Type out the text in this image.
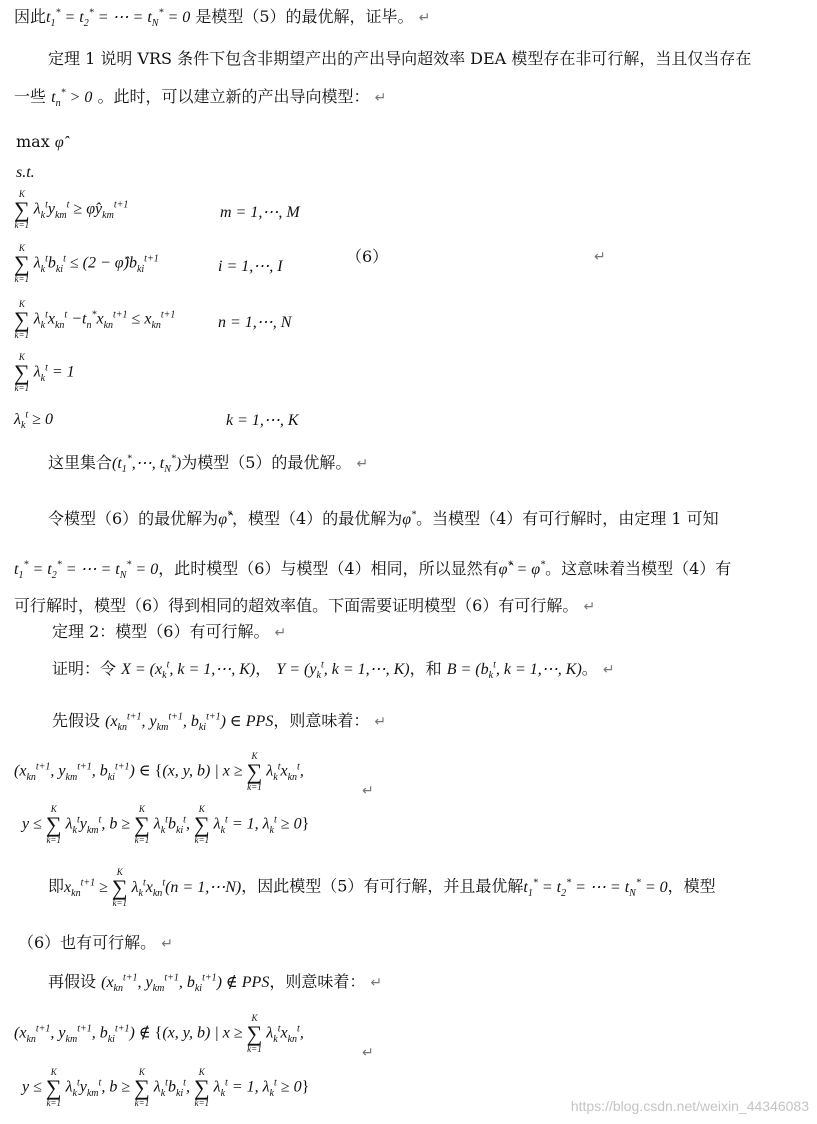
因此$t_1^* = t_2^*$ = ⋯ = $t_N^* = 0$ 是模型（5）的最优解，证毕。 ↵
定理 1 说明 VRS 条件下包含非期望产出的产出导向超效率 DEA 模型存在非可行解，当且仅当存在
一些 $t_n^* > 0$ 。此时，可以建立新的产出导向模型： ↵
max φ̂
s.t.
K
∑
k=1
$\lambda_k^ty_{km}^t$ ≥ $\varphîy_{km}^{t+1}$	m = 1,⋯, M
K
∑
k=1
$\lambda_k^tb_{ki}^t \le (2$ − $\varphî)b_{ki}^{t+1}$	i = 1,⋯, I
（6）	↵
K
∑
k=1
$\lambda_k^tx_{kn}^t -t_n^*x_{kn}^{t+1} \le x_{kn}^{t+1}$	n = 1,⋯, N
K
∑
k=1
$\lambda_k^t = 1$
$\lambda_k^t \ge 0$	k = 1,⋯, K
这里集合($t_1^*,\cdots$, $t_N^*$)为模型（5）的最优解。 ↵
令模型（6）的最优解为φ̂*，模型（4）的最优解为φ*。当模型（4）有可行解时，由定理 1 可知
$t_1^* = t_2^*$ = ⋯ = $t_N^* = 0$，此时模型（6）与模型（4）相同，所以显然有φ̂* = φ*。这意味着当模型（4）有
可行解时，模型（6）得到相同的超效率值。下面需要证明模型（6）有可行解。 ↵
定理 2：模型（6）有可行解。 ↵
证明：令 $X = (x_k^t$, k = 1,⋯, K)， $Y = (y_k^t$, k = 1,⋯, K)，和 $B = (b_k^t$, k = 1,⋯, K)。 ↵
先假设 ($x_{kn}^{t+1}$, $y_{km}^{t+1}$, $b_{ki}^{t+1}$) ∈ PPS，则意味着： ↵
($x_{kn}^{t+1}$, $y_{km}^{t+1}$, $b_{ki}^{t+1}$) ∈ {(x, y, b) | x ≥
K
∑
k=1
$\lambda_k^tx_{kn}^t$,
↵
y ≤
K
∑
k=1
$\lambda_k^ty_{km}^t$, b ≥
K
∑
k=1
$\lambda_k^tb_{ki}^t$,
K
∑
k=1
$\lambda_k^t = 1$, $\lambda_k^t \ge 0$}
即$x_{kn}^{t+1}$ ≥
K
∑
k=1
$\lambda_k^tx_{kn}^t(n$ = 1,⋯N)，因此模型（5）有可行解，并且最优解$t_1^* = t_2^*$ = ⋯ = $t_N^* = 0$，模型
（6）也有可行解。 ↵
再假设 ($x_{kn}^{t+1}$, $y_{km}^{t+1}$, $b_{ki}^{t+1}$) ∉ PPS，则意味着： ↵
($x_{kn}^{t+1}$, $y_{km}^{t+1}$, $b_{ki}^{t+1}$) ∉ {(x, y, b) | x ≥
K
∑
k=1
$\lambda_k^tx_{kn}^t$,
↵
y ≤
K
∑
k=1
$\lambda_k^ty_{km}^t$, b ≥
K
∑
k=1
$\lambda_k^tb_{ki}^t$,
K
∑
k=1
$\lambda_k^t = 1$, $\lambda_k^t \ge 0$}
https://blog.csdn.net/weixin_44346083
